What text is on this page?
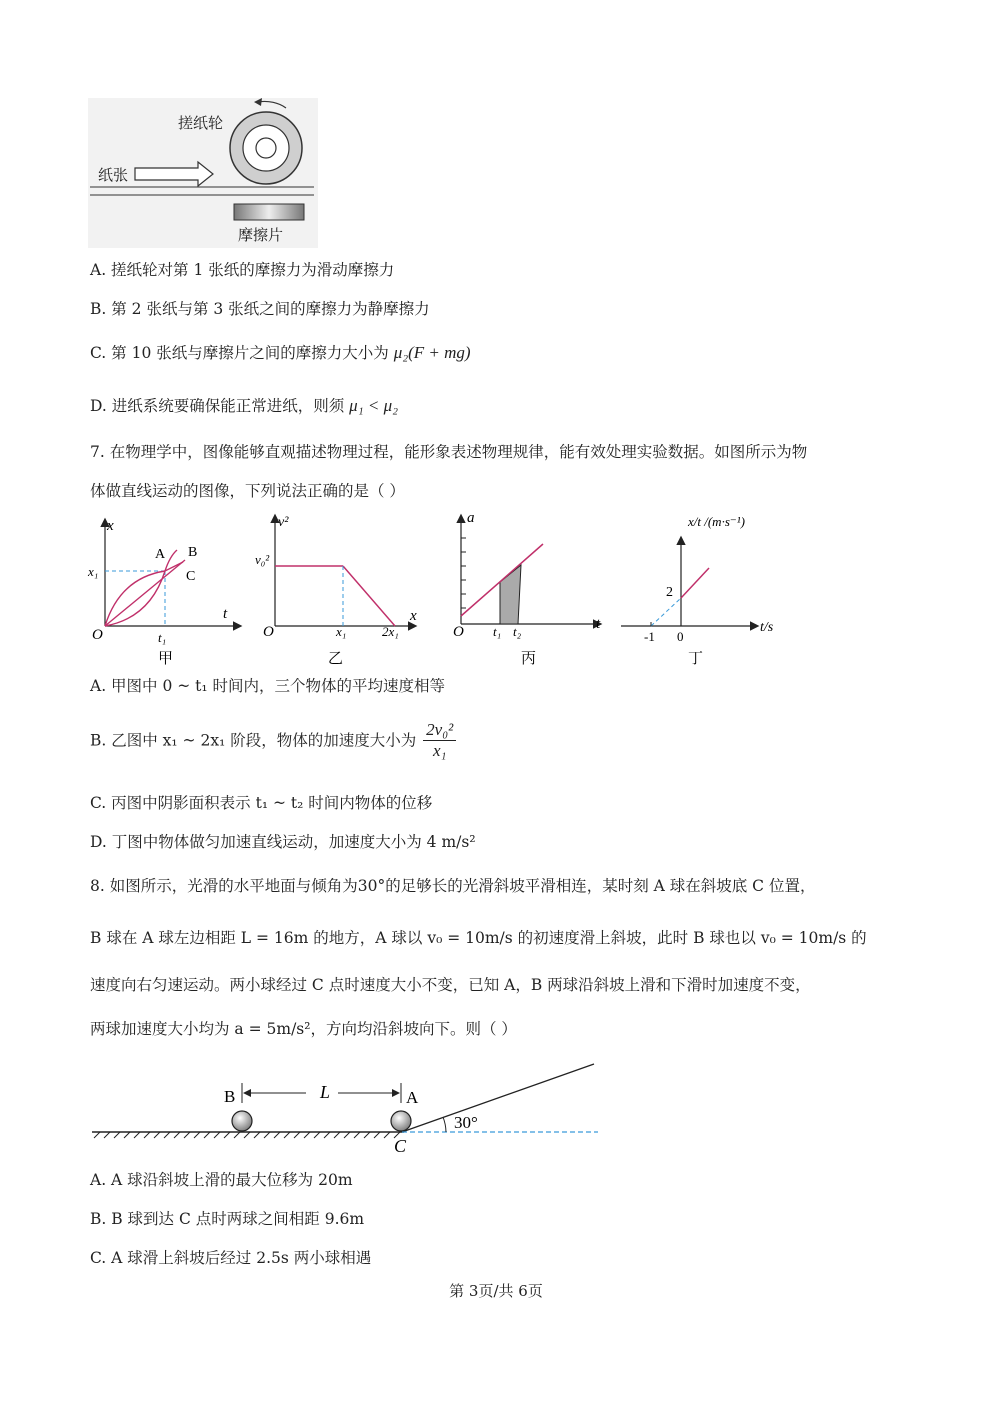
搓纸轮
纸张
摩擦片
A. 搓纸轮对第 1 张纸的摩擦力为滑动摩擦力
B. 第 2 张纸与第 3 张纸之间的摩擦力为静摩擦力
C. 第 10 张纸与摩擦片之间的摩擦力大小为 μ₂(F + mg)
D. 进纸系统要确保能正常进纸，则须 μ₁ < μ₂
7. 在物理学中，图像能够直观描述物理过程，能形象表述物理规律，能有效处理实验数据。如图所示为物
体做直线运动的图像，下列说法正确的是（ ）
x
t
O	t₁
x₁
A B
C
甲
v²
x
O
v₀²
x₁	2x₁
乙
a
t
O t₁ t₂
丙
x/t /(m·s⁻¹)
t/s
2
-1 0
丁
A. 甲图中 0 ~ t₁ 时间内，三个物体的平均速度相等
B. 乙图中 x₁ ~ 2x₁ 阶段，物体的加速度大小为 $\frac{\text{2v₀²}}{\text{x₁}}$
C. 丙图中阴影面积表示 t₁ ~ t₂ 时间内物体的位移
D. 丁图中物体做匀加速直线运动，加速度大小为 4 m/s²
8. 如图所示，光滑的水平地面与倾角为30°的足够长的光滑斜坡平滑相连，某时刻 A 球在斜坡底 C 位置，
B 球在 A 球左边相距 L = 16m 的地方，A 球以 v₀ = 10m/s 的初速度滑上斜坡，此时 B 球也以 v₀ = 10m/s 的
速度向右匀速运动。两小球经过 C 点时速度大小不变，已知 A，B 两球沿斜坡上滑和下滑时加速度不变，
两球加速度大小均为 a = 5m/s²，方向均沿斜坡向下。则（ ）
B	A
L
C
30°
A. A 球沿斜坡上滑的最大位移为 20m
B. B 球到达 C 点时两球之间相距 9.6m
C. A 球滑上斜坡后经过 2.5s 两小球相遇
第 3页/共 6页
